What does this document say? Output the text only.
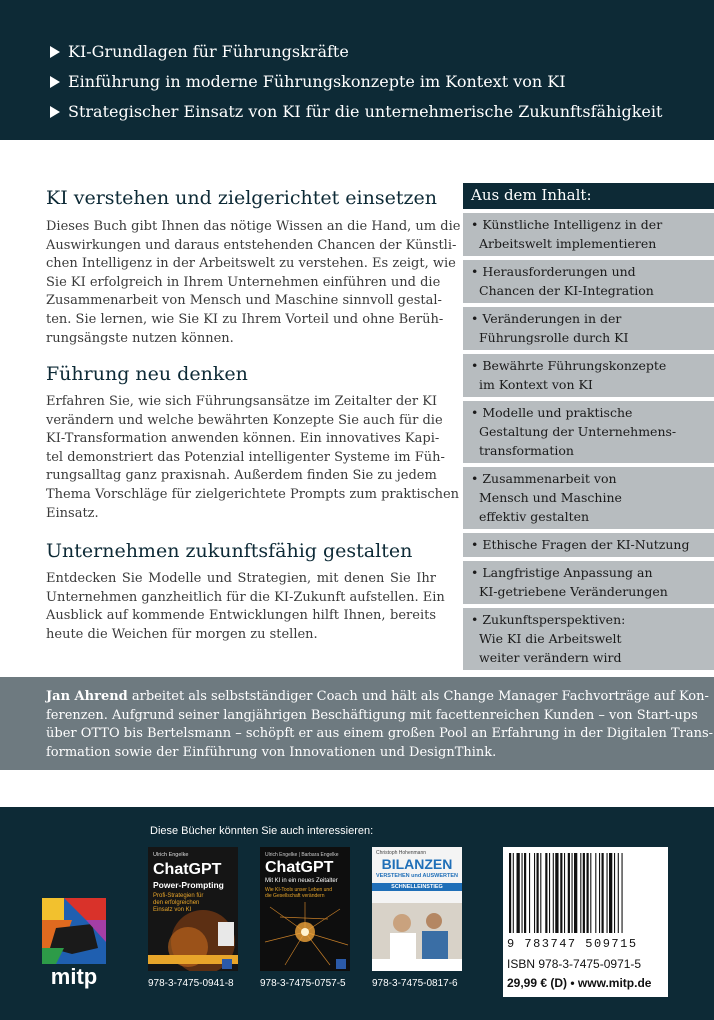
KI-Grundlagen für Führungskräfte
Einführung in moderne Führungskonzepte im Kontext von KI
Strategischer Einsatz von KI für die unternehmerische Zukunftsfähigkeit
KI verstehen und zielgerichtet einsetzen
Dieses Buch gibt Ihnen das nötige Wissen an die Hand, um die
Auswirkungen und daraus entstehenden Chancen der Künstli-
chen Intelligenz in der Arbeitswelt zu verstehen. Es zeigt, wie
Sie KI erfolgreich in Ihrem Unternehmen einführen und die
Zusammenarbeit von Mensch und Maschine sinnvoll gestal-
ten. Sie lernen, wie Sie KI zu Ihrem Vorteil und ohne Berüh-
rungsängste nutzen können.
Führung neu denken
Erfahren Sie, wie sich Führungsansätze im Zeitalter der KI
verändern und welche bewährten Konzepte Sie auch für die
KI-Transformation anwenden können. Ein innovatives Kapi-
tel demonstriert das Potenzial intelligenter Systeme im Füh-
rungsalltag ganz praxisnah. Außerdem finden Sie zu jedem
Thema Vorschläge für zielgerichtete Prompts zum praktischen
Einsatz.
Unternehmen zukunftsfähig gestalten
Entdecken Sie Modelle und Strategien, mit denen Sie Ihr
Unternehmen ganzheitlich für die KI-Zukunft aufstellen. Ein
Ausblick auf kommende Entwicklungen hilft Ihnen, bereits
heute die Weichen für morgen zu stellen.
Aus dem Inhalt:
• Künstliche Intelligenz in der
Arbeitswelt implementieren
• Herausforderungen und
Chancen der KI-Integration
• Veränderungen in der
Führungsrolle durch KI
• Bewährte Führungskonzepte
im Kontext von KI
• Modelle und praktische
Gestaltung der Unternehmens-
transformation
• Zusammenarbeit von
Mensch und Maschine
effektiv gestalten
• Ethische Fragen der KI-Nutzung
• Langfristige Anpassung an
KI-getriebene Veränderungen
• Zukunftsperspektiven:
Wie KI die Arbeitswelt
weiter verändern wird
Jan Ahrend arbeitet als selbstständiger Coach und hält als Change Manager Fachvorträge auf Kon-
ferenzen. Aufgrund seiner langjährigen Beschäftigung mit facettenreichen Kunden – von Start-ups
über OTTO bis Bertelsmann – schöpft er aus einem großen Pool an Erfahrung in der Digitalen Trans-
formation sowie der Einführung von Innovationen und DesignThink.
Diese Bücher könnten Sie auch interessieren:
Ulrich Engelke
ChatGPT
Power-Prompting
Profi-Strategien für den erfolgreichen Einsatz von KI
978-3-7475-0941-8
Ulrich Engelke | Barbara Engelke
ChatGPT
Mit KI in ein neues Zeitalter
Wie KI-Tools unser Leben und die Gesellschaft verändern
978-3-7475-0757-5
Christoph Hohenmann
BILANZEN
VERSTEHEN und AUSWERTEN
SCHNELLEINSTIEG
978-3-7475-0817-6
mitp
9 783747 509715
ISBN 978-3-7475-0971-5
29,99 € (D) • www.mitp.de
